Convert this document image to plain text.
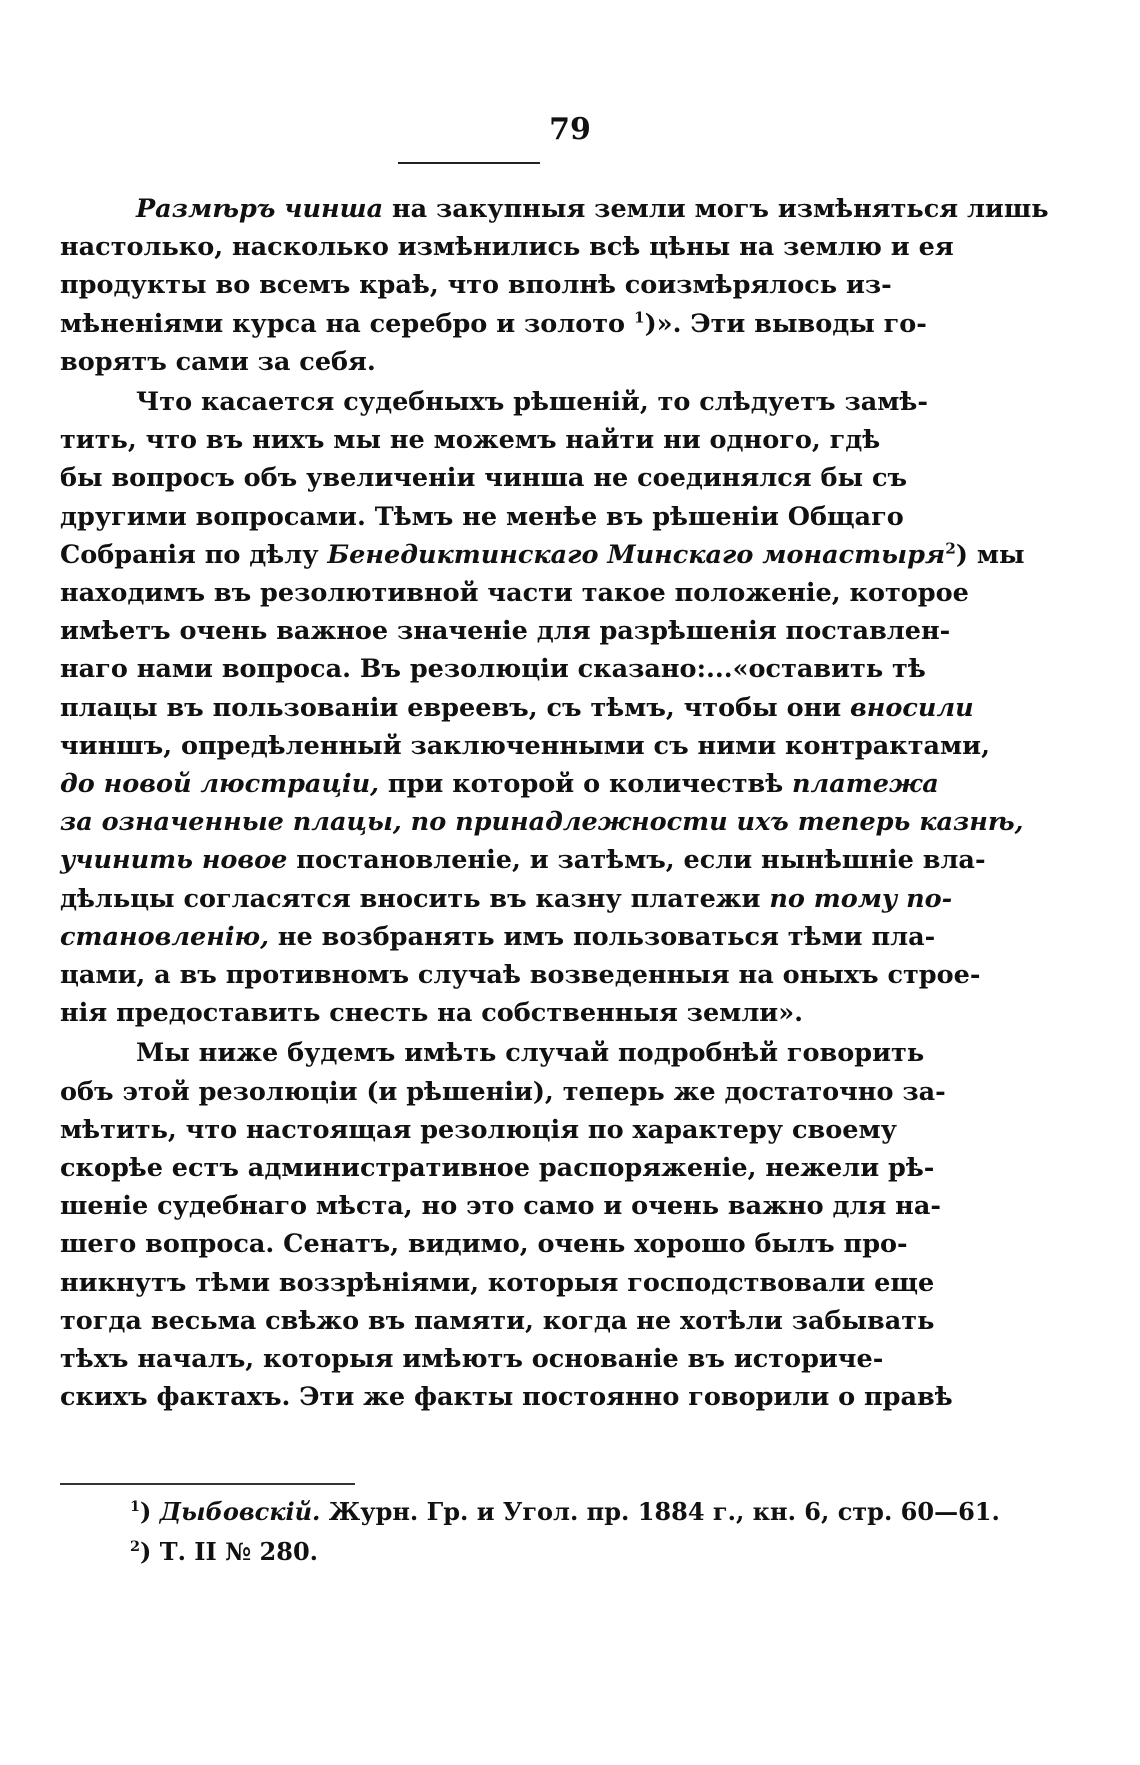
79
Размѣръ чинша на закупныя земли могъ измѣняться лишь
настолько, насколько измѣнились всѣ цѣны на землю и ея
продукты во всемъ краѣ, что вполнѣ соизмѣрялось из-
мѣненіями курса на серебро и золото $^1$)». Эти выводы го-
ворятъ сами за себя.
Что касается судебныхъ рѣшеній, то слѣдуетъ замѣ-
тить, что въ нихъ мы не можемъ найти ни одного, гдѣ
бы вопросъ объ увеличеніи чинша не соединялся бы съ
другими вопросами. Тѣмъ не менѣе въ рѣшеніи Общаго
Собранія по дѣлу Бенедиктинскаго Минскаго монастыря$^2$) мы
находимъ въ резолютивной части такое положеніе, которое
имѣетъ очень важное значеніе для разрѣшенія поставлен-
наго нами вопроса. Въ резолюціи сказано:...«оставить тѣ
плацы въ пользованіи евреевъ, съ тѣмъ, чтобы они вносили
чиншъ, опредѣленный заключенными съ ними контрактами,
до новой люстраціи, при которой о количествѣ платежа
за означенные плацы, по принадлежности ихъ теперь казнѣ,
учинить новое постановленіе, и затѣмъ, если нынѣшніе вла-
дѣльцы согласятся вносить въ казну платежи по тому по-
становленію, не возбранять имъ пользоваться тѣми пла-
цами, а въ противномъ случаѣ возведенныя на оныхъ строе-
нія предоставить снесть на собственныя земли».
Мы ниже будемъ имѣть случай подробнѣй говорить
объ этой резолюціи (и рѣшеніи), теперь же достаточно за-
мѣтить, что настоящая резолюція по характеру своему
скорѣе естъ административное распоряженіе, нежели рѣ-
шеніе судебнаго мѣста, но это само и очень важно для на-
шего вопроса. Сенатъ, видимо, очень хорошо былъ про-
никнутъ тѣми воззрѣніями, которыя господствовали еще
тогда весьма свѣжо въ памяти, когда не хотѣли забывать
тѣхъ началъ, которыя имѣютъ основаніе въ историче-
скихъ фактахъ. Эти же факты постоянно говорили о правѣ
$^1$) Дыбовскій. Журн. Гр. и Угол. пр. 1884 г., кн. 6, стр. 60—61.
$^2$) Т. II № 280.
